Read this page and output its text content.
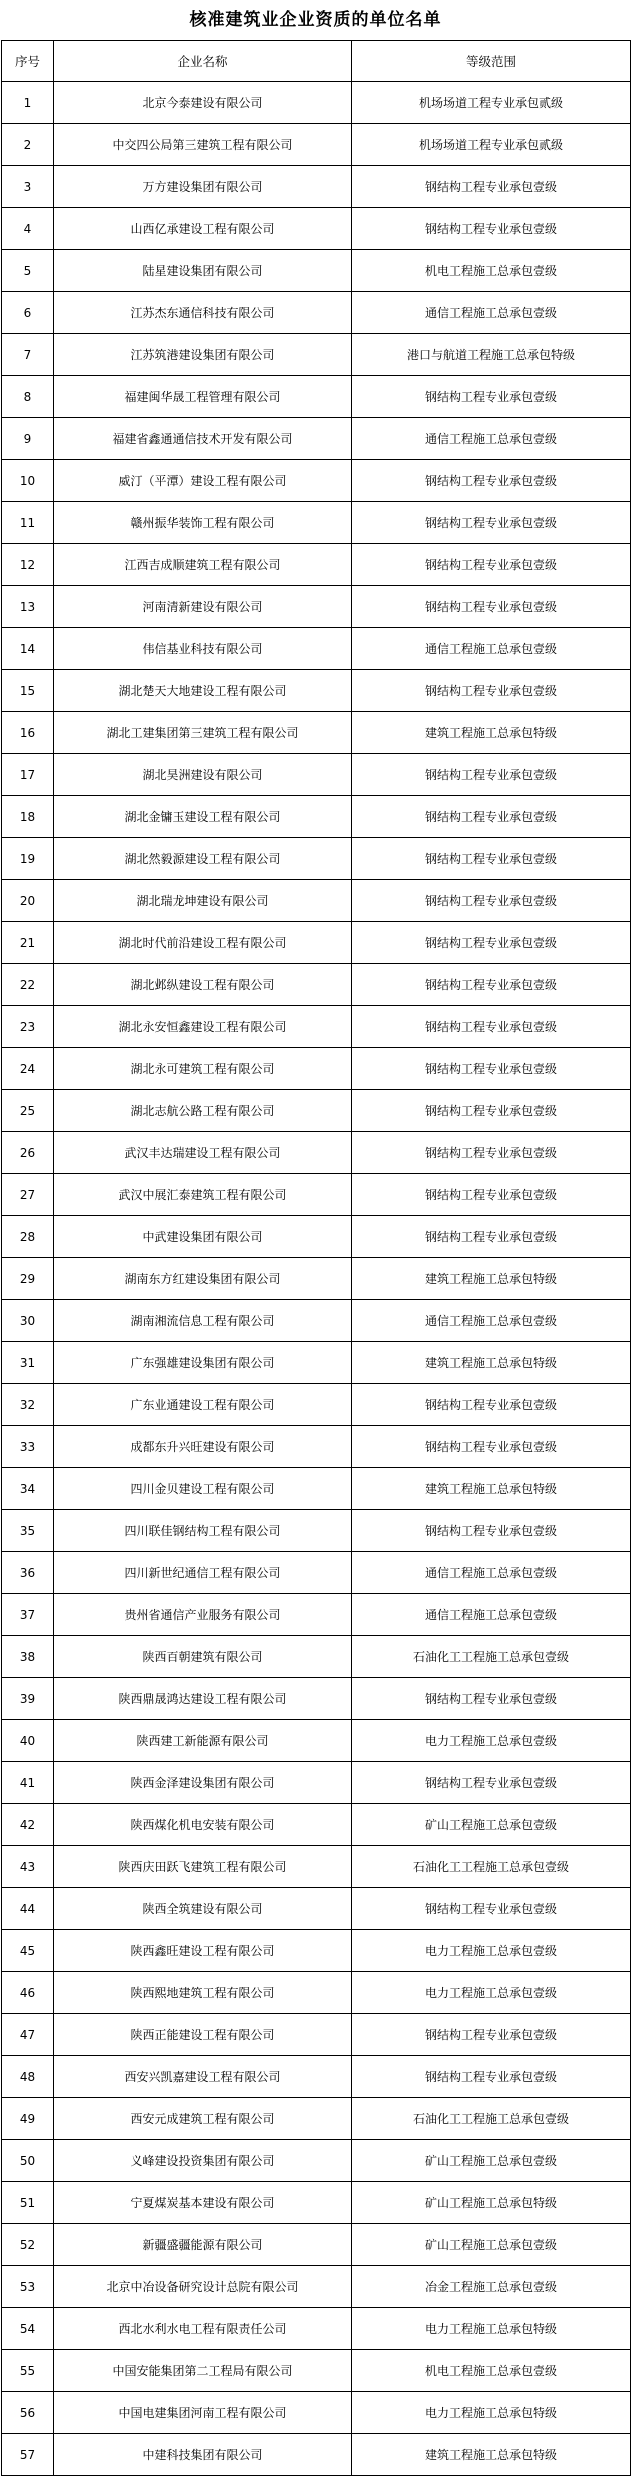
核准建筑业企业资质的单位名单
序号	企业名称	等级范围
1	北京今泰建设有限公司	机场场道工程专业承包贰级
2	中交四公局第三建筑工程有限公司	机场场道工程专业承包贰级
3	万方建设集团有限公司	钢结构工程专业承包壹级
4	山西亿承建设工程有限公司	钢结构工程专业承包壹级
5	陆星建设集团有限公司	机电工程施工总承包壹级
6	江苏杰东通信科技有限公司	通信工程施工总承包壹级
7	江苏筑港建设集团有限公司	港口与航道工程施工总承包特级
8	福建闽华晟工程管理有限公司	钢结构工程专业承包壹级
9	福建省鑫通通信技术开发有限公司	通信工程施工总承包壹级
10	威汀（平潭）建设工程有限公司	钢结构工程专业承包壹级
11	赣州振华装饰工程有限公司	钢结构工程专业承包壹级
12	江西吉成顺建筑工程有限公司	钢结构工程专业承包壹级
13	河南清新建设有限公司	钢结构工程专业承包壹级
14	伟信基业科技有限公司	通信工程施工总承包壹级
15	湖北楚天大地建设工程有限公司	钢结构工程专业承包壹级
16	湖北工建集团第三建筑工程有限公司	建筑工程施工总承包特级
17	湖北昊洲建设有限公司	钢结构工程专业承包壹级
18	湖北金镛玉建设工程有限公司	钢结构工程专业承包壹级
19	湖北然毅源建设工程有限公司	钢结构工程专业承包壹级
20	湖北瑞龙坤建设有限公司	钢结构工程专业承包壹级
21	湖北时代前沿建设工程有限公司	钢结构工程专业承包壹级
22	湖北邺纵建设工程有限公司	钢结构工程专业承包壹级
23	湖北永安恒鑫建设工程有限公司	钢结构工程专业承包壹级
24	湖北永可建筑工程有限公司	钢结构工程专业承包壹级
25	湖北志航公路工程有限公司	钢结构工程专业承包壹级
26	武汉丰达瑞建设工程有限公司	钢结构工程专业承包壹级
27	武汉中展汇泰建筑工程有限公司	钢结构工程专业承包壹级
28	中武建设集团有限公司	钢结构工程专业承包壹级
29	湖南东方红建设集团有限公司	建筑工程施工总承包特级
30	湖南湘流信息工程有限公司	通信工程施工总承包壹级
31	广东强雄建设集团有限公司	建筑工程施工总承包特级
32	广东业通建设工程有限公司	钢结构工程专业承包壹级
33	成都东升兴旺建设有限公司	钢结构工程专业承包壹级
34	四川金贝建设工程有限公司	建筑工程施工总承包特级
35	四川联佳钢结构工程有限公司	钢结构工程专业承包壹级
36	四川新世纪通信工程有限公司	通信工程施工总承包壹级
37	贵州省通信产业服务有限公司	通信工程施工总承包壹级
38	陕西百朝建筑有限公司	石油化工工程施工总承包壹级
39	陕西鼎晟鸿达建设工程有限公司	钢结构工程专业承包壹级
40	陕西建工新能源有限公司	电力工程施工总承包壹级
41	陕西金泽建设集团有限公司	钢结构工程专业承包壹级
42	陕西煤化机电安装有限公司	矿山工程施工总承包壹级
43	陕西庆田跃飞建筑工程有限公司	石油化工工程施工总承包壹级
44	陕西全筑建设有限公司	钢结构工程专业承包壹级
45	陕西鑫旺建设工程有限公司	电力工程施工总承包壹级
46	陕西熙地建筑工程有限公司	电力工程施工总承包壹级
47	陕西正能建设工程有限公司	钢结构工程专业承包壹级
48	西安兴凯嘉建设工程有限公司	钢结构工程专业承包壹级
49	西安元成建筑工程有限公司	石油化工工程施工总承包壹级
50	义峰建设投资集团有限公司	矿山工程施工总承包壹级
51	宁夏煤炭基本建设有限公司	矿山工程施工总承包特级
52	新疆盛疆能源有限公司	矿山工程施工总承包壹级
53	北京中冶设备研究设计总院有限公司	冶金工程施工总承包壹级
54	西北水利水电工程有限责任公司	电力工程施工总承包特级
55	中国安能集团第二工程局有限公司	机电工程施工总承包壹级
56	中国电建集团河南工程有限公司	电力工程施工总承包特级
57	中建科技集团有限公司	建筑工程施工总承包特级
